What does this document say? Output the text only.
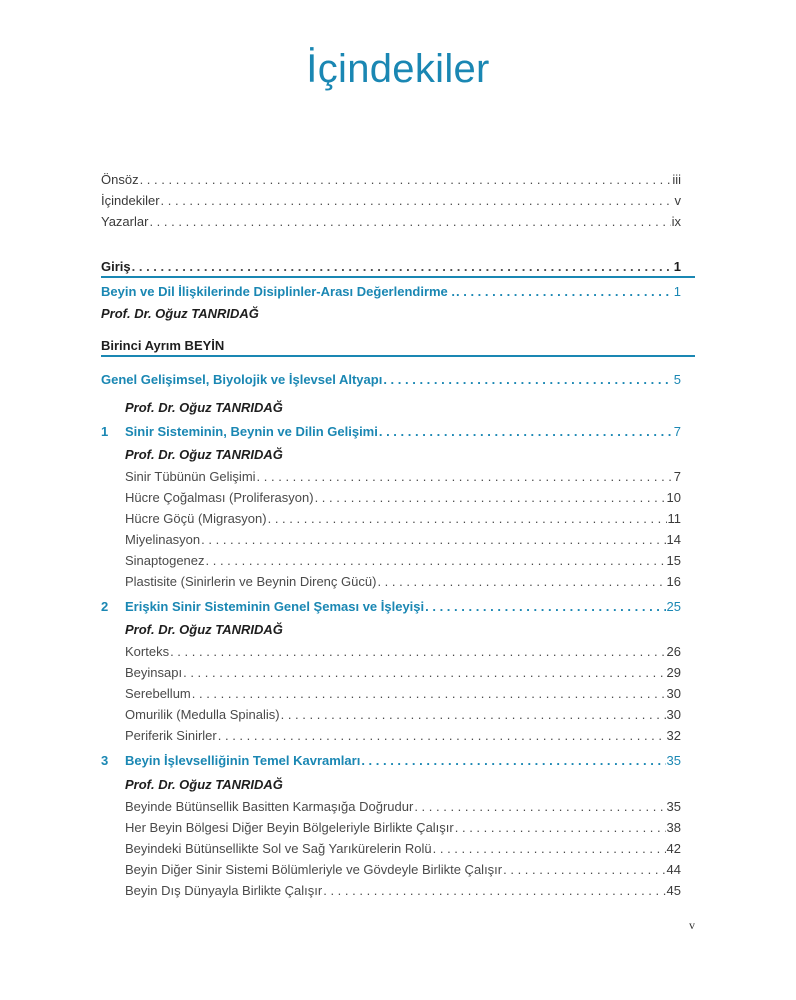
İçindekiler
Önsöz . . .	iii
İçindekiler . . .	v
Yazarlar . . .	ix
Giriş . . .	1
Beyin ve Dil İlişkilerinde Disiplinler-Arası Değerlendirme . . . .	1
Prof. Dr. Oğuz TANRIDAĞ
Birinci Ayrım BEYİN
Genel Gelişimsel, Biyolojik ve İşlevsel Altyapı . . .	5
Prof. Dr. Oğuz TANRIDAĞ
1	Sinir Sisteminin, Beynin ve Dilin Gelişimi . . .	7
Prof. Dr. Oğuz TANRIDAĞ
Sinir Tübünün Gelişimi . . .	7
Hücre Çoğalması (Proliferasyon) . . .	10
Hücre Göçü (Migrasyon) . . .	11
Miyelinasyon . . .	14
Sinaptogenez . . .	15
Plastisite (Sinirlerin ve Beynin Direnç Gücü) . . .	16
2	Erişkin Sinir Sisteminin Genel Şeması ve İşleyişi . . .	25
Prof. Dr. Oğuz TANRIDAĞ
Korteks . . .	26
Beyinsapı . . .	29
Serebellum . . .	30
Omurilik (Medulla Spinalis) . . .	30
Periferik Sinirler . . .	32
3	Beyin İşlevselliğinin Temel Kavramları . . .	35
Prof. Dr. Oğuz TANRIDAĞ
Beyinde Bütünsellik Basitten Karmaşığa Doğrudur . . .	35
Her Beyin Bölgesi Diğer Beyin Bölgeleriyle Birlikte Çalışır . . .	38
Beyindeki Bütünsellikte Sol ve Sağ Yarıkürelerin Rolü . . .	42
Beyin Diğer Sinir Sistemi Bölümleriyle ve Gövdeyle Birlikte Çalışır . . .	44
Beyin Dış Dünyayla Birlikte Çalışır . . .	45
v
